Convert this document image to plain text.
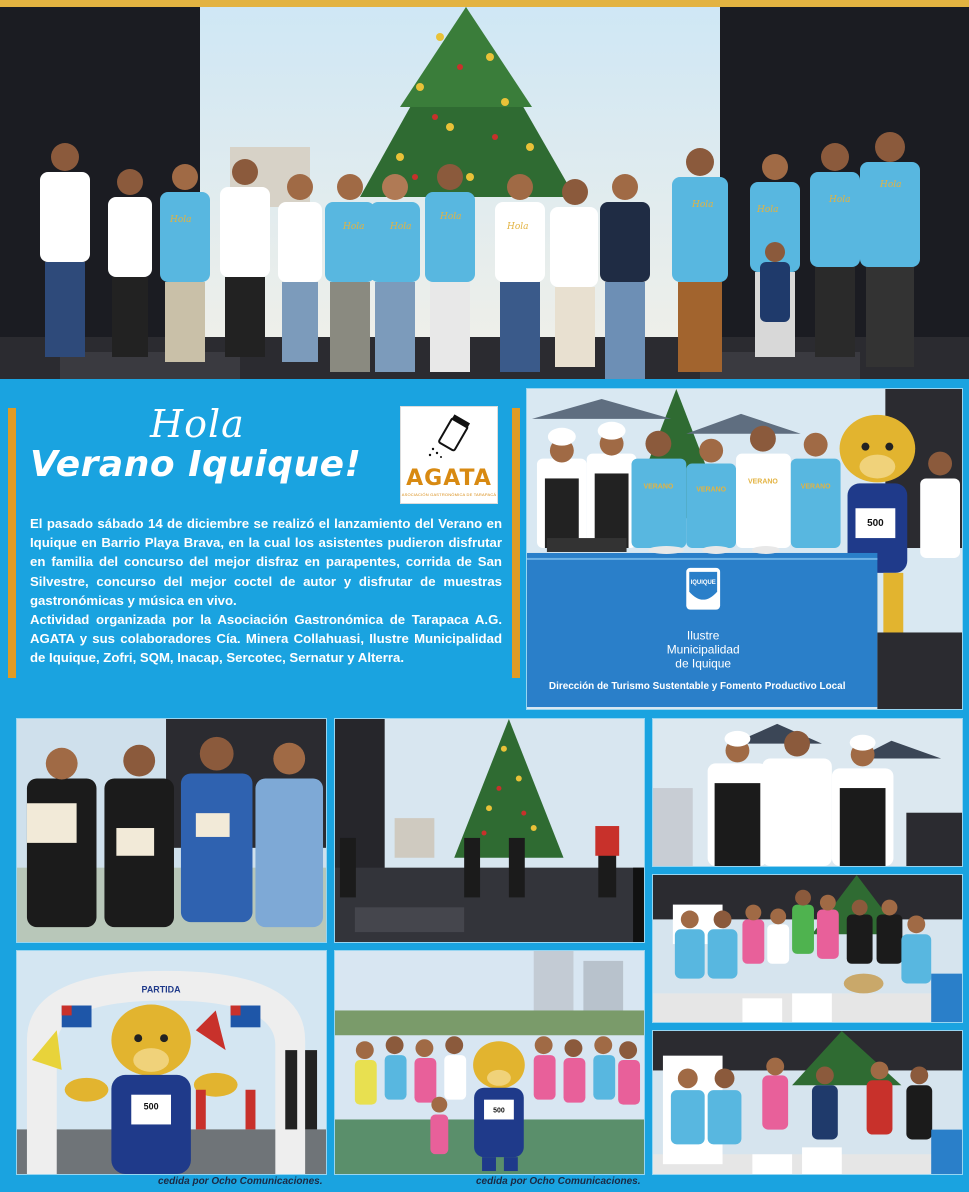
Hola
Hola	Hola
Hola
Hola
Hola	Hola
Hola
Hola
Hola
Verano Iquique! AGATA
ASOCIACIÓN GASTRONÓMICA DE TARAPACÁ

El pasado sábado 14 de diciembre se realizó el lanzamiento del Verano en Iquique en Barrio Playa Brava, en la cual los asistentes pudieron disfrutar en familia del concurso del mejor disfraz en parapentes, corrida de San Silvestre, concurso del mejor coctel de autor y disfrutar de muestras gastronómicas y música en vivo.

Actividad organizada por la Asociación Gastronómica de Tarapaca A.G. AGATA y sus colaboradores Cía. Minera Collahuasi, Ilustre Municipalidad de Iquique, Zofri, SQM, Inacap, Sercotec, Sernatur y Alterra.

500
IQUIQUE
Ilustre
Municipalidad
de Iquique
Dirección de Turismo Sustentable y Fomento Productivo Local
VERANO	VERANO
VERANO
VERANO
PARTIDA
500	500
cedida por Ocho Comunicaciones.	cedida por Ocho Comunicaciones.
